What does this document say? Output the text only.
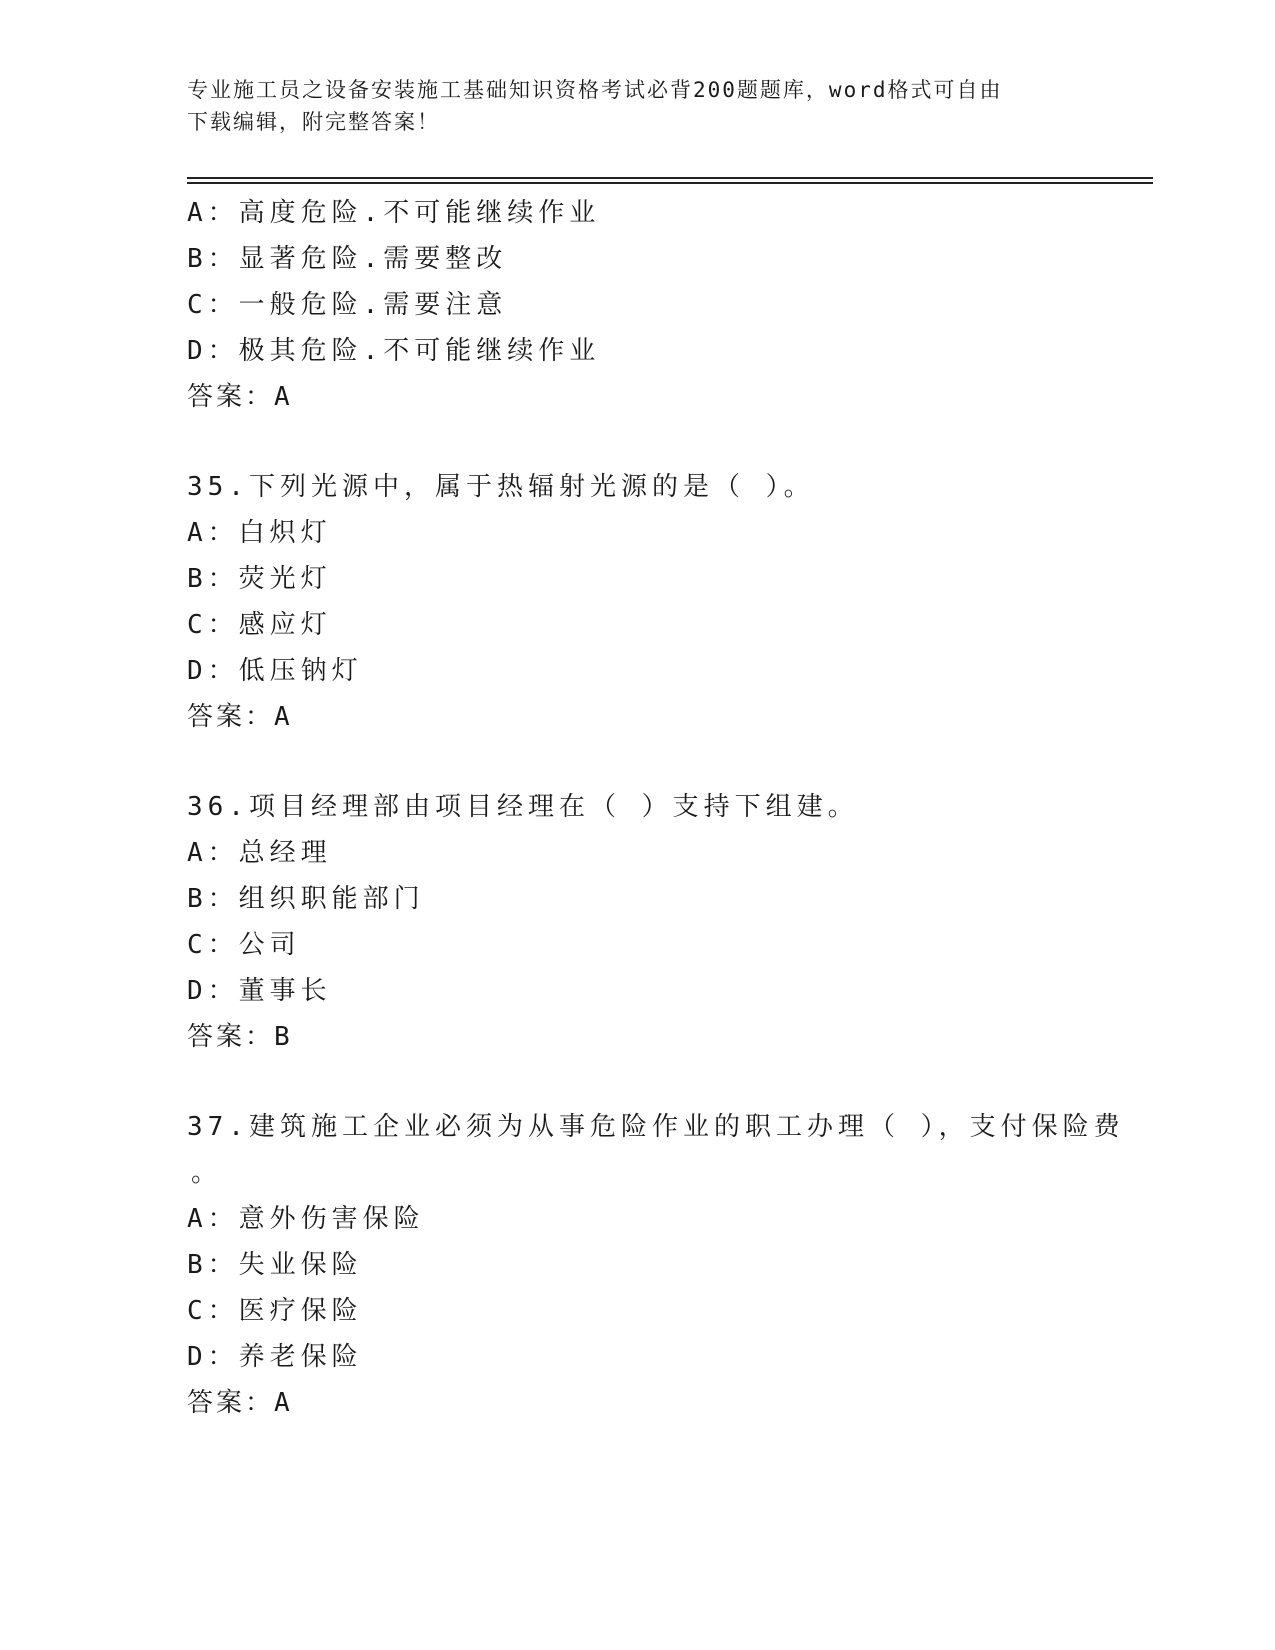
专业施工员之设备安装施工基础知识资格考试必背200题题库，word格式可自由
下载编辑，附完整答案！
A：高度危险.不可能继续作业
B：显著危险.需要整改
C：一般危险.需要注意
D：极其危险.不可能继续作业
答案：A
35.下列光源中，属于热辐射光源的是（ ）。
A：白炽灯
B：荧光灯
C：感应灯
D：低压钠灯
答案：A
36.项目经理部由项目经理在（ ）支持下组建。
A：总经理
B：组织职能部门
C：公司
D：董事长
答案：B
37.建筑施工企业必须为从事危险作业的职工办理（ ），支付保险费
。
A：意外伤害保险
B：失业保险
C：医疗保险
D：养老保险
答案：A
